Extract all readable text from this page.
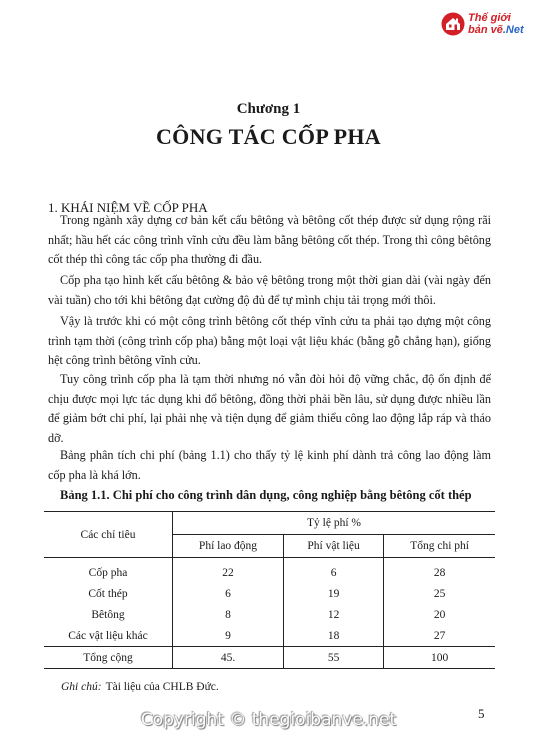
Thế giới
bản vẽ.Net
Chương 1
CÔNG TÁC CỐP PHA
1. KHÁI NIỆM VỀ CỐP PHA

Trong ngành xây dựng cơ bản kết cấu bêtông và bêtông cốt thép được sử dụng rộng rãi nhất; hầu hết các công trình vĩnh cửu đều làm bằng bêtông cốt thép. Trong thì công bêtông cốt thép thì công tác cốp pha thường đi đầu.

Cốp pha tạo hình kết cấu bêtông & bảo vệ bêtông trong một thời gian dài (vài ngày đến vài tuần) cho tới khi bêtông đạt cường độ đủ để tự mình chịu tải trọng mới thôi.

Vậy là trước khi có một công trình bêtông cốt thép vĩnh cửu ta phải tạo dựng một công trình tạm thời (công trình cốp pha) bằng một loại vật liệu khác (bằng gỗ chẳng hạn), giống hệt công trình bêtông vĩnh cửu.

Tuy công trình cốp pha là tạm thời nhưng nó vẫn đòi hỏi độ vững chắc, độ ổn định để chịu được mọi lực tác dụng khi đổ bêtông, đồng thời phải bền lâu, sử dụng được nhiều lần để giảm bớt chi phí, lại phải nhẹ và tiện dụng để giảm thiểu công lao động lắp ráp và tháo dỡ.

Bảng phân tích chi phí (bảng 1.1) cho thấy tỷ lệ kinh phí dành trả công lao động làm cốp pha là khá lớn.

Bảng 1.1. Chi phí cho công trình dân dụng, công nghiệp bằng bêtông cốt thép
Các chỉ tiêu	Tỷ lệ phí %		
	Phí lao động	Phí vật liệu	Tổng chi phí
Cốp pha	22	6	28
Cốt thép	6	19	25
Bêtông	8	12	20
Các vật liệu khác	9	18	27
Tổng cộng	45.	55	100
Ghi chú: Tài liệu của CHLB Đức.
Copyright © thegioibanve.net	5
